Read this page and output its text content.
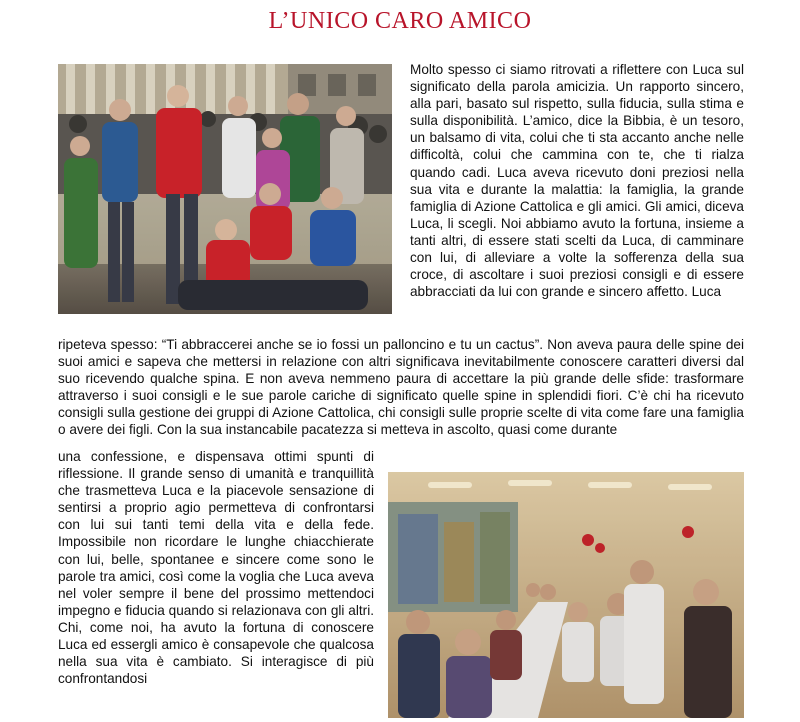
L’UNICO CARO AMICO

Molto spesso ci siamo ritrovati a riflettere con Luca sul significato della parola amicizia. Un rapporto sincero, alla pari, basato sul rispetto, sulla fiducia, sulla stima e sulla disponibilità. L’amico, dice la Bibbia, è un tesoro, un balsamo di vita, colui che ti sta accanto anche nelle difficoltà, colui che cammina con te, che ti rialza quando cadi. Luca aveva ricevuto doni preziosi nella sua vita e durante la malattia: la famiglia, la grande famiglia di Azione Cattolica e gli amici. Gli amici, diceva Luca, li scegli. Noi abbiamo avuto la fortuna, insieme a tanti altri, di essere stati scelti da Luca, di camminare con lui, di alleviare a volte la sofferenza della sua croce, di ascoltare i suoi preziosi consigli e di essere abbracciati da lui con grande e sincero affetto. Luca

ripeteva spesso: “Ti abbraccerei anche se io fossi un palloncino e tu un cactus”. Non aveva paura delle spine dei suoi amici e sapeva che mettersi in relazione con altri significava inevitabilmente conoscere caratteri diversi dal suo ricevendo qualche spina. E non aveva nemmeno paura di accettare la più grande delle sfide: trasformare attraverso i suoi consigli e le sue parole cariche di significato quelle spine in splendidi fiori. C’è chi ha ricevuto consigli sulla gestione dei gruppi di Azione Cattolica, chi consigli sulle proprie scelte di vita come fare una famiglia o avere dei figli. Con la sua instancabile pacatezza si metteva in ascolto, quasi come durante

una confessione, e dispensava ottimi spunti di riflessione. Il grande senso di umanità e tranquillità che trasmetteva Luca e la piacevole sensazione di sentirsi a proprio agio permetteva di confrontarsi con lui sui tanti temi della vita e della fede. Impossibile non ricordare le lunghe chiacchierate con lui, belle, spontanee e sincere come sono le parole tra amici, così come la voglia che Luca aveva nel voler sempre il bene del prossimo mettendoci impegno e fiducia quando si relazionava con gli altri. Chi, come noi, ha avuto la fortuna di conoscere Luca ed essergli amico è consapevole che qualcosa nella sua vita è cambiato. Si interagisce di più confrontandosi
